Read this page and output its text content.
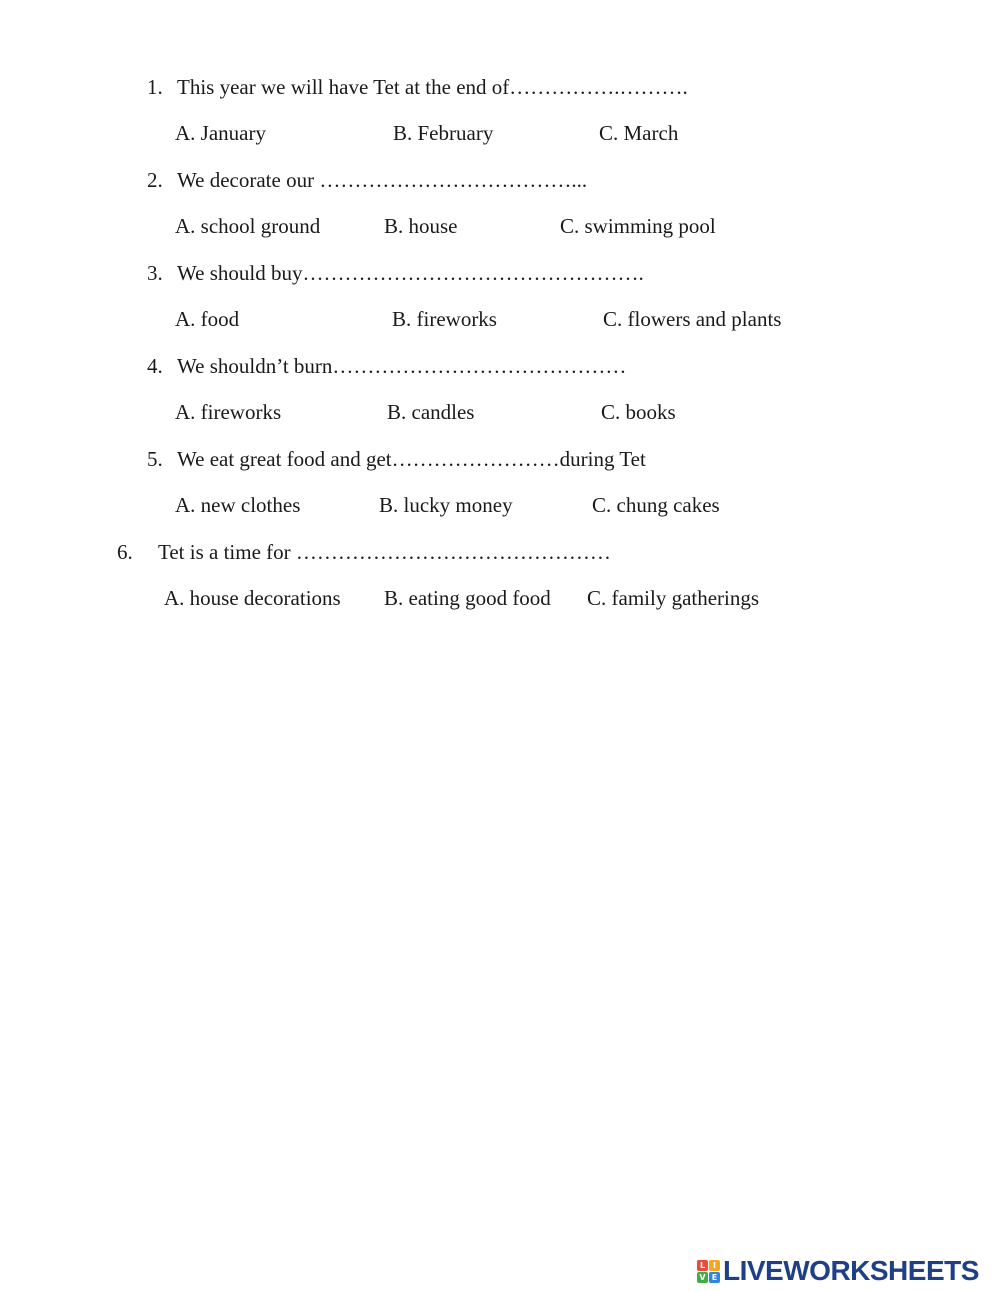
1. This year we will have Tet at the end of…………….……….
A. January	B. February	C. March
2. We decorate our ………………………………...
A. school ground	B. house	C. swimming pool
3. We should buy………………………………………….
A. food	B. fireworks	C. flowers and plants
4. We shouldn’t burn……………………………………
A. fireworks	B. candles	C. books
5. We eat great food and get……………………during Tet
A. new clothes	B. lucky money	C. chung cakes
6. Tet is a time for ………………………………………
A. house decorations B. eating good food C. family gatherings
L I
V E LIVEWORKSHEETS
